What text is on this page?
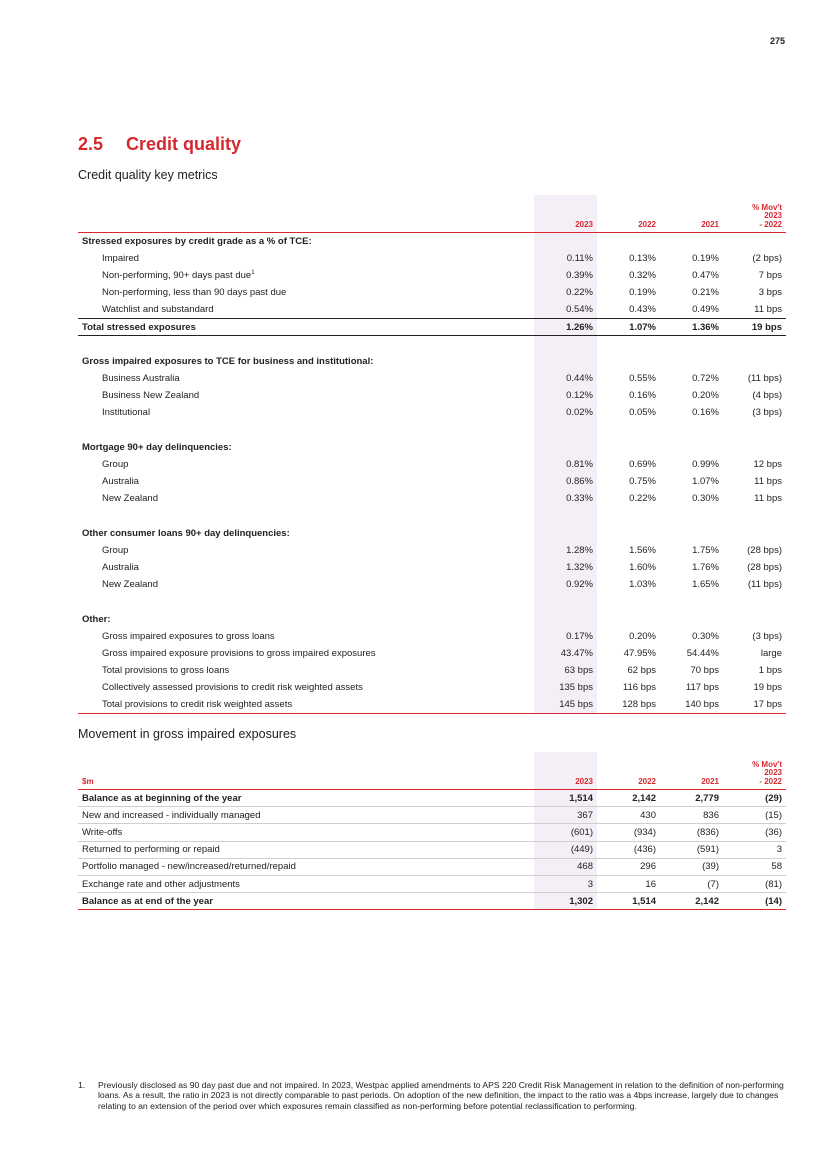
275
2.5 Credit quality
Credit quality key metrics
	2023	2022	2021	% Mov't
2023
- 2022
Stressed exposures by credit grade as a % of TCE:				
Impaired	0.11%	0.13%	0.19%	(2 bps)
Non-performing, 90+ days past due$^1$	0.39%	0.32%	0.47%	7 bps
Non-performing, less than 90 days past due	0.22%	0.19%	0.21%	3 bps
Watchlist and substandard	0.54%	0.43%	0.49%	11 bps
Total stressed exposures	1.26%	1.07%	1.36%	19 bps

Gross impaired exposures to TCE for business and institutional:				
Business Australia	0.44%	0.55%	0.72%	(11 bps)
Business New Zealand	0.12%	0.16%	0.20%	(4 bps)
Institutional	0.02%	0.05%	0.16%	(3 bps)

Mortgage 90+ day delinquencies:				
Group	0.81%	0.69%	0.99%	12 bps
Australia	0.86%	0.75%	1.07%	11 bps
New Zealand	0.33%	0.22%	0.30%	11 bps

Other consumer loans 90+ day delinquencies:				
Group	1.28%	1.56%	1.75%	(28 bps)
Australia	1.32%	1.60%	1.76%	(28 bps)
New Zealand	0.92%	1.03%	1.65%	(11 bps)

Other:				
Gross impaired exposures to gross loans	0.17%	0.20%	0.30%	(3 bps)
Gross impaired exposure provisions to gross impaired exposures	43.47%	47.95%	54.44%	large
Total provisions to gross loans	63 bps	62 bps	70 bps	1 bps
Collectively assessed provisions to credit risk weighted assets	135 bps	116 bps	117 bps	19 bps
Total provisions to credit risk weighted assets	145 bps	128 bps	140 bps	17 bps
Movement in gross impaired exposures
$m	2023	2022	2021	% Mov't
2023
- 2022
Balance as at beginning of the year	1,514	2,142	2,779	(29)
New and increased - individually managed	367	430	836	(15)
Write-offs	(601)	(934)	(836)	(36)
Returned to performing or repaid	(449)	(436)	(591)	3
Portfolio managed - new/increased/returned/repaid	468	296	(39)	58
Exchange rate and other adjustments	3	16	(7)	(81)
Balance as at end of the year	1,302	1,514	2,142	(14)
1.	Previously disclosed as 90 day past due and not impaired. In 2023, Westpac applied amendments to APS 220 Credit Risk Management in relation to the definition of non-performing loans. As a result, the ratio in 2023 is not directly comparable to past periods. On adoption of the new definition, the impact to the ratio was a 4bps increase, largely due to changes relating to an extension of the period over which exposures remain classified as non-performing before potential reclassification to performing.
